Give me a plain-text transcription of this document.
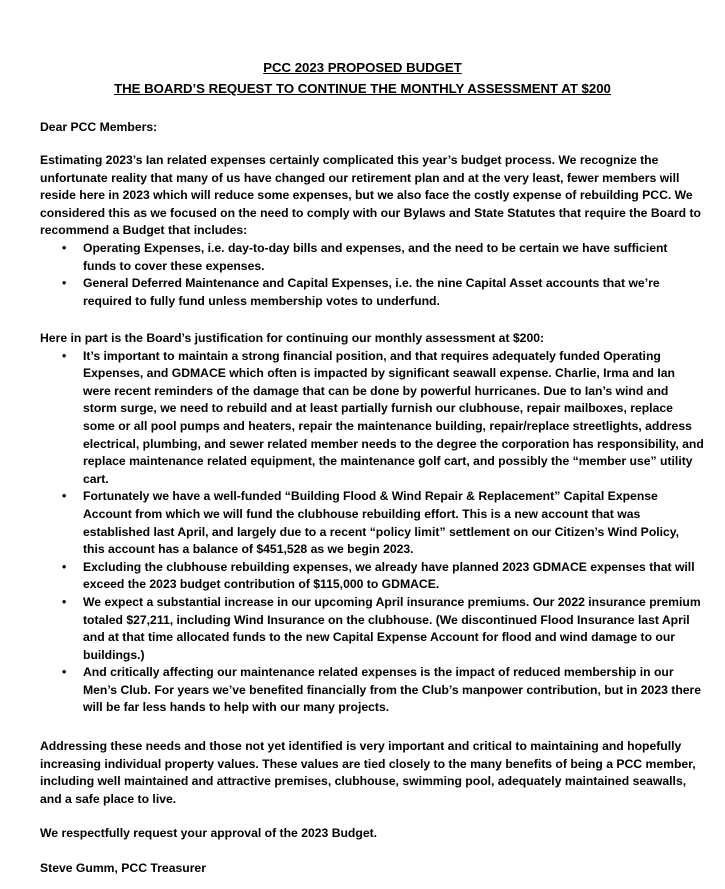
PCC 2023 PROPOSED BUDGET
THE BOARD’S REQUEST TO CONTINUE THE MONTHLY ASSESSMENT AT $200
Dear PCC Members:
Estimating 2023’s Ian related expenses certainly complicated this year’s budget process. We recognize the unfortunate reality that many of us have changed our retirement plan and at the very least, fewer members will reside here in 2023 which will reduce some expenses, but we also face the costly expense of rebuilding PCC. We considered this as we focused on the need to comply with our Bylaws and State Statutes that require the Board to recommend a Budget that includes:
• Operating Expenses, i.e. day-to-day bills and expenses, and the need to be certain we have sufficient funds to cover these expenses.
• General Deferred Maintenance and Capital Expenses, i.e. the nine Capital Asset accounts that we’re required to fully fund unless membership votes to underfund.
Here in part is the Board’s justification for continuing our monthly assessment at $200:
• It’s important to maintain a strong financial position, and that requires adequately funded Operating Expenses, and GDMACE which often is impacted by significant seawall expense. Charlie, Irma and Ian were recent reminders of the damage that can be done by powerful hurricanes. Due to Ian’s wind and storm surge, we need to rebuild and at least partially furnish our clubhouse, repair mailboxes, replace some or all pool pumps and heaters, repair the maintenance building, repair/replace streetlights, address electrical, plumbing, and sewer related member needs to the degree the corporation has responsibility, and replace maintenance related equipment, the maintenance golf cart, and possibly the “member use” utility cart.
• Fortunately we have a well-funded “Building Flood & Wind Repair & Replacement” Capital Expense Account from which we will fund the clubhouse rebuilding effort. This is a new account that was established last April, and largely due to a recent “policy limit” settlement on our Citizen’s Wind Policy, this account has a balance of $451,528 as we begin 2023.
• Excluding the clubhouse rebuilding expenses, we already have planned 2023 GDMACE expenses that will exceed the 2023 budget contribution of $115,000 to GDMACE.
• We expect a substantial increase in our upcoming April insurance premiums. Our 2022 insurance premium totaled $27,211, including Wind Insurance on the clubhouse. (We discontinued Flood Insurance last April and at that time allocated funds to the new Capital Expense Account for flood and wind damage to our buildings.)
• And critically affecting our maintenance related expenses is the impact of reduced membership in our Men’s Club. For years we’ve benefited financially from the Club’s manpower contribution, but in 2023 there will be far less hands to help with our many projects.
Addressing these needs and those not yet identified is very important and critical to maintaining and hopefully increasing individual property values. These values are tied closely to the many benefits of being a PCC member, including well maintained and attractive premises, clubhouse, swimming pool, adequately maintained seawalls, and a safe place to live.
We respectfully request your approval of the 2023 Budget.
Steve Gumm, PCC Treasurer
